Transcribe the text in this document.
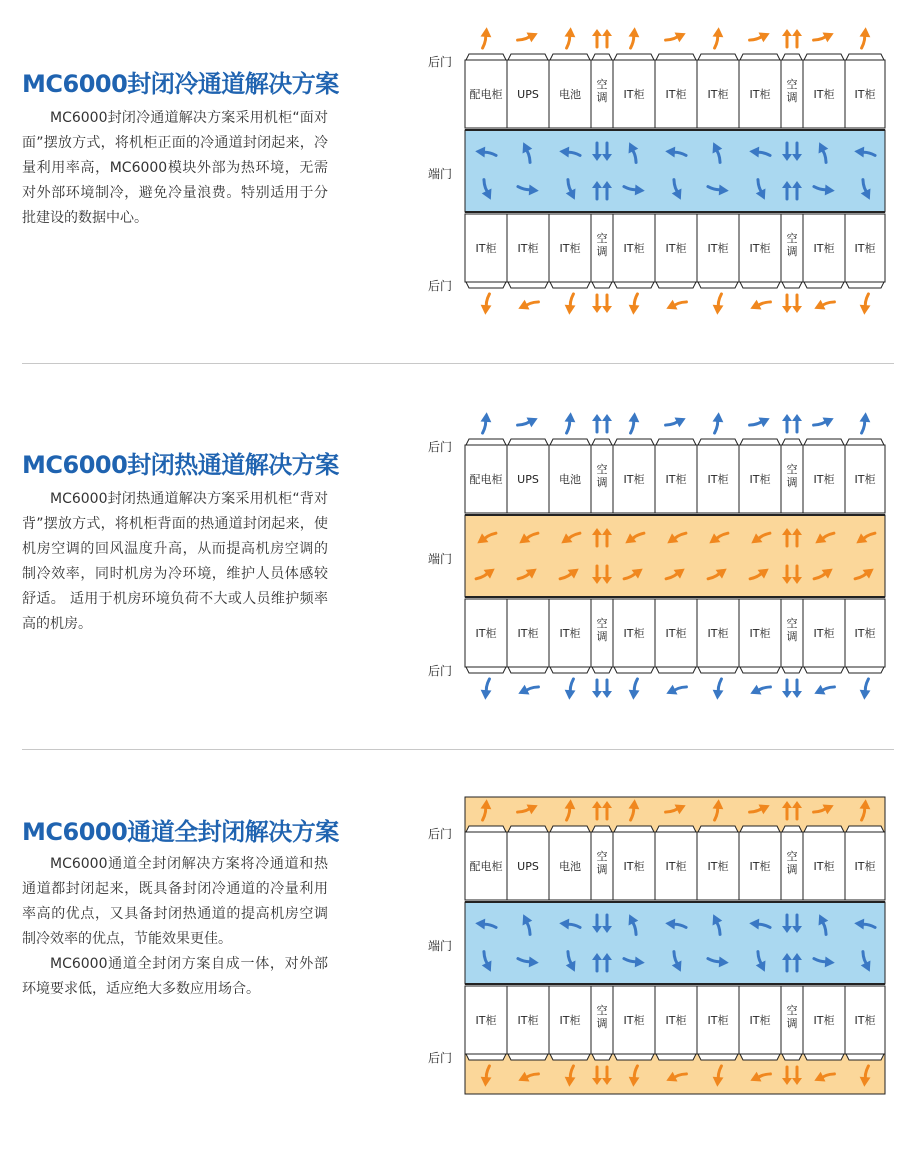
MC6000封闭冷通道解决方案

MC6000封闭冷通道解决方案采用机柜“面对面”摆放方式，将机柜正面的冷通道封闭起来，冷量利用率高，MC6000模块外部为热环境，无需对外部环境制冷，避免冷量浪费。特别适用于分批建设的数据中心。

后门
端门
后门
配电柜 UPS 电池
空
调 IT柜 IT柜 IT柜 IT柜
空
调 IT柜 IT柜
IT柜 IT柜 IT柜
空
调 IT柜 IT柜 IT柜 IT柜
空
调 IT柜 IT柜
MC6000封闭热通道解决方案

MC6000封闭热通道解决方案采用机柜“背对背”摆放方式，将机柜背面的热通道封闭起来，使机房空调的回风温度升高，从而提高机房空调的制冷效率，同时机房为冷环境，维护人员体感较舒适。 适用于机房环境负荷不大或人员维护频率高的机房。

后门
端门
后门
配电柜 UPS 电池
空
调 IT柜 IT柜 IT柜 IT柜
空
调 IT柜 IT柜
IT柜 IT柜 IT柜
空
调 IT柜 IT柜 IT柜 IT柜
空
调 IT柜 IT柜
MC6000通道全封闭解决方案

MC6000通道全封闭解决方案将冷通道和热通道都封闭起来，既具备封闭冷通道的冷量利用率高的优点，又具备封闭热通道的提高机房空调制冷效率的优点，节能效果更佳。

MC6000通道全封闭方案自成一体，对外部环境要求低，适应绝大多数应用场合。

后门
端门
后门
配电柜 UPS 电池
空
调 IT柜 IT柜 IT柜 IT柜
空
调 IT柜 IT柜
IT柜 IT柜 IT柜
空
调 IT柜 IT柜 IT柜 IT柜
空
调 IT柜 IT柜
